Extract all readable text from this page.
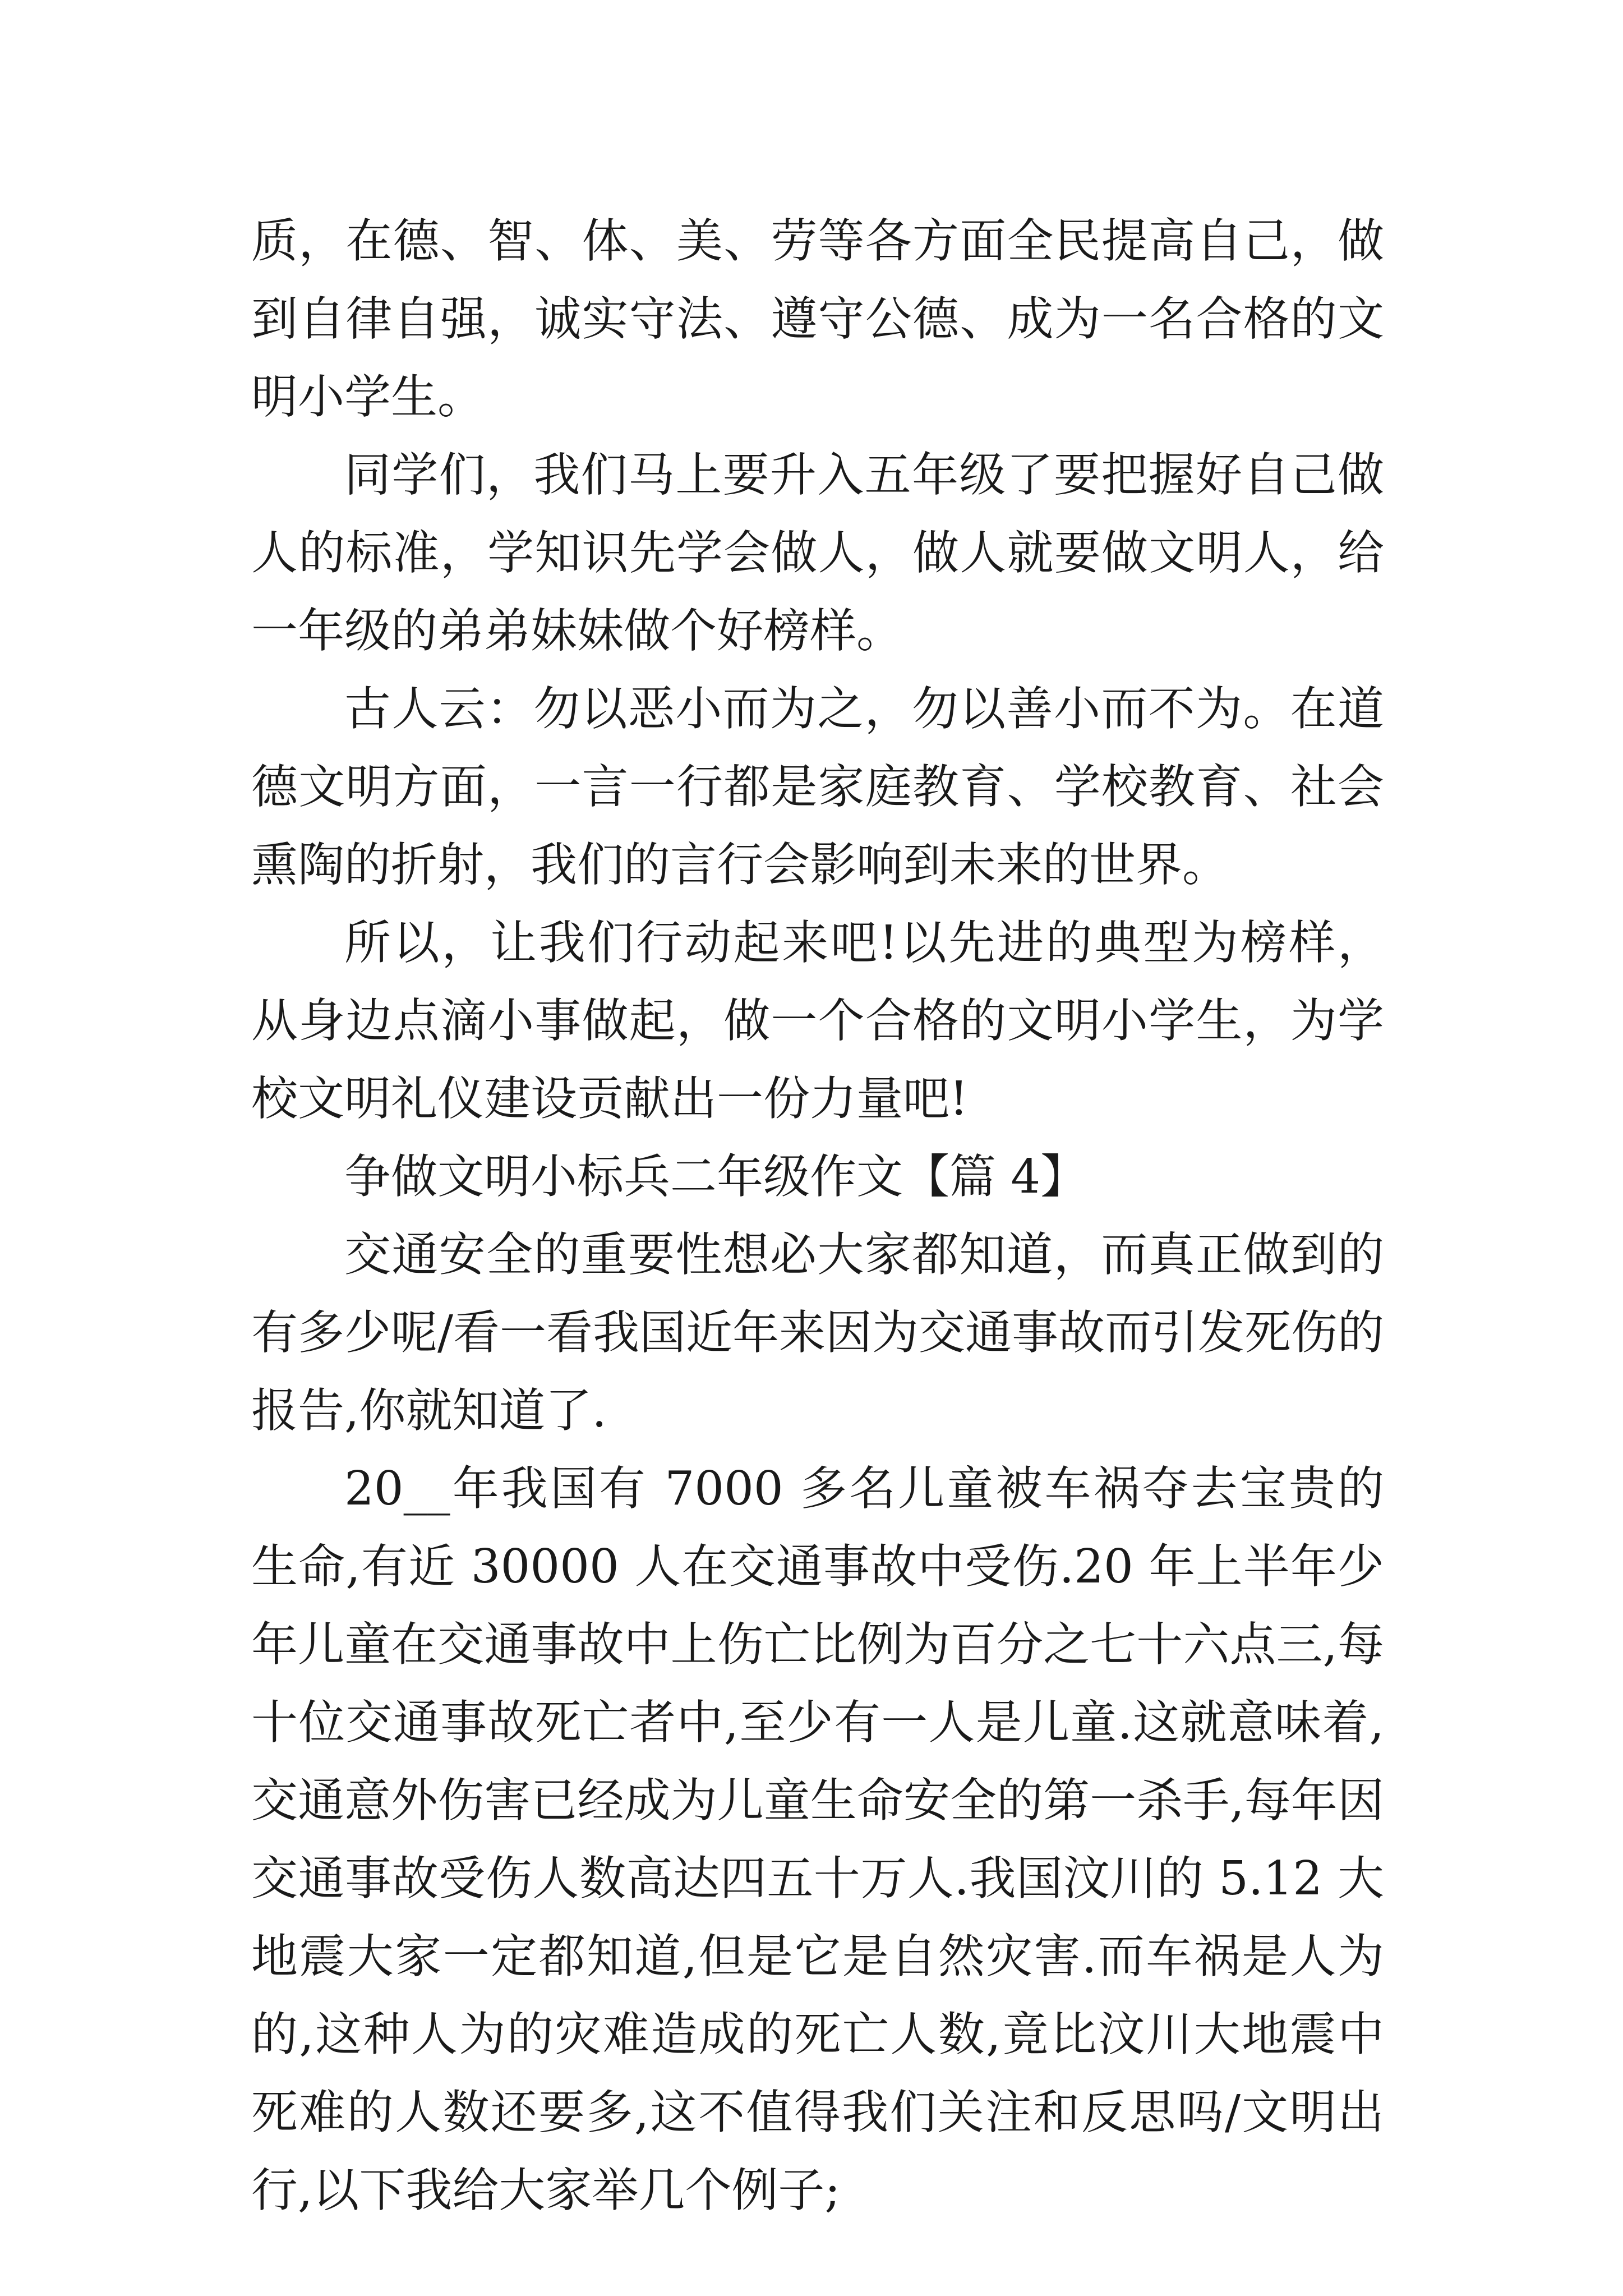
质，在德、智、体、美、劳等各方面全民提高自己，做到自律自强，诚实守法、遵守公德、成为一名合格的文明小学生。

同学们，我们马上要升入五年级了要把握好自己做人的标准，学知识先学会做人，做人就要做文明人，给一年级的弟弟妹妹做个好榜样。

古人云：勿以恶小而为之，勿以善小而不为。在道德文明方面，一言一行都是家庭教育、学校教育、社会熏陶的折射，我们的言行会影响到未来的世界。

所以，让我们行动起来吧!以先进的典型为榜样，从身边点滴小事做起，做一个合格的文明小学生，为学校文明礼仪建设贡献出一份力量吧!

争做文明小标兵二年级作文【篇 4】

交通安全的重要性想必大家都知道，而真正做到的有多少呢/看一看我国近年来因为交通事故而引发死伤的报告,你就知道了.

20__年我国有 7000 多名儿童被车祸夺去宝贵的生命,有近 30000 人在交通事故中受伤.20 年上半年少年儿童在交通事故中上伤亡比例为百分之七十六点三,每十位交通事故死亡者中,至少有一人是儿童.这就意味着,交通意外伤害已经成为儿童生命安全的第一杀手,每年因交通事故受伤人数高达四五十万人.我国汶川的 5.12 大地震大家一定都知道,但是它是自然灾害.而车祸是人为的,这种人为的灾难造成的死亡人数,竟比汶川大地震中死难的人数还要多,这不值得我们关注和反思吗/文明出行,以下我给大家举几个例子;
